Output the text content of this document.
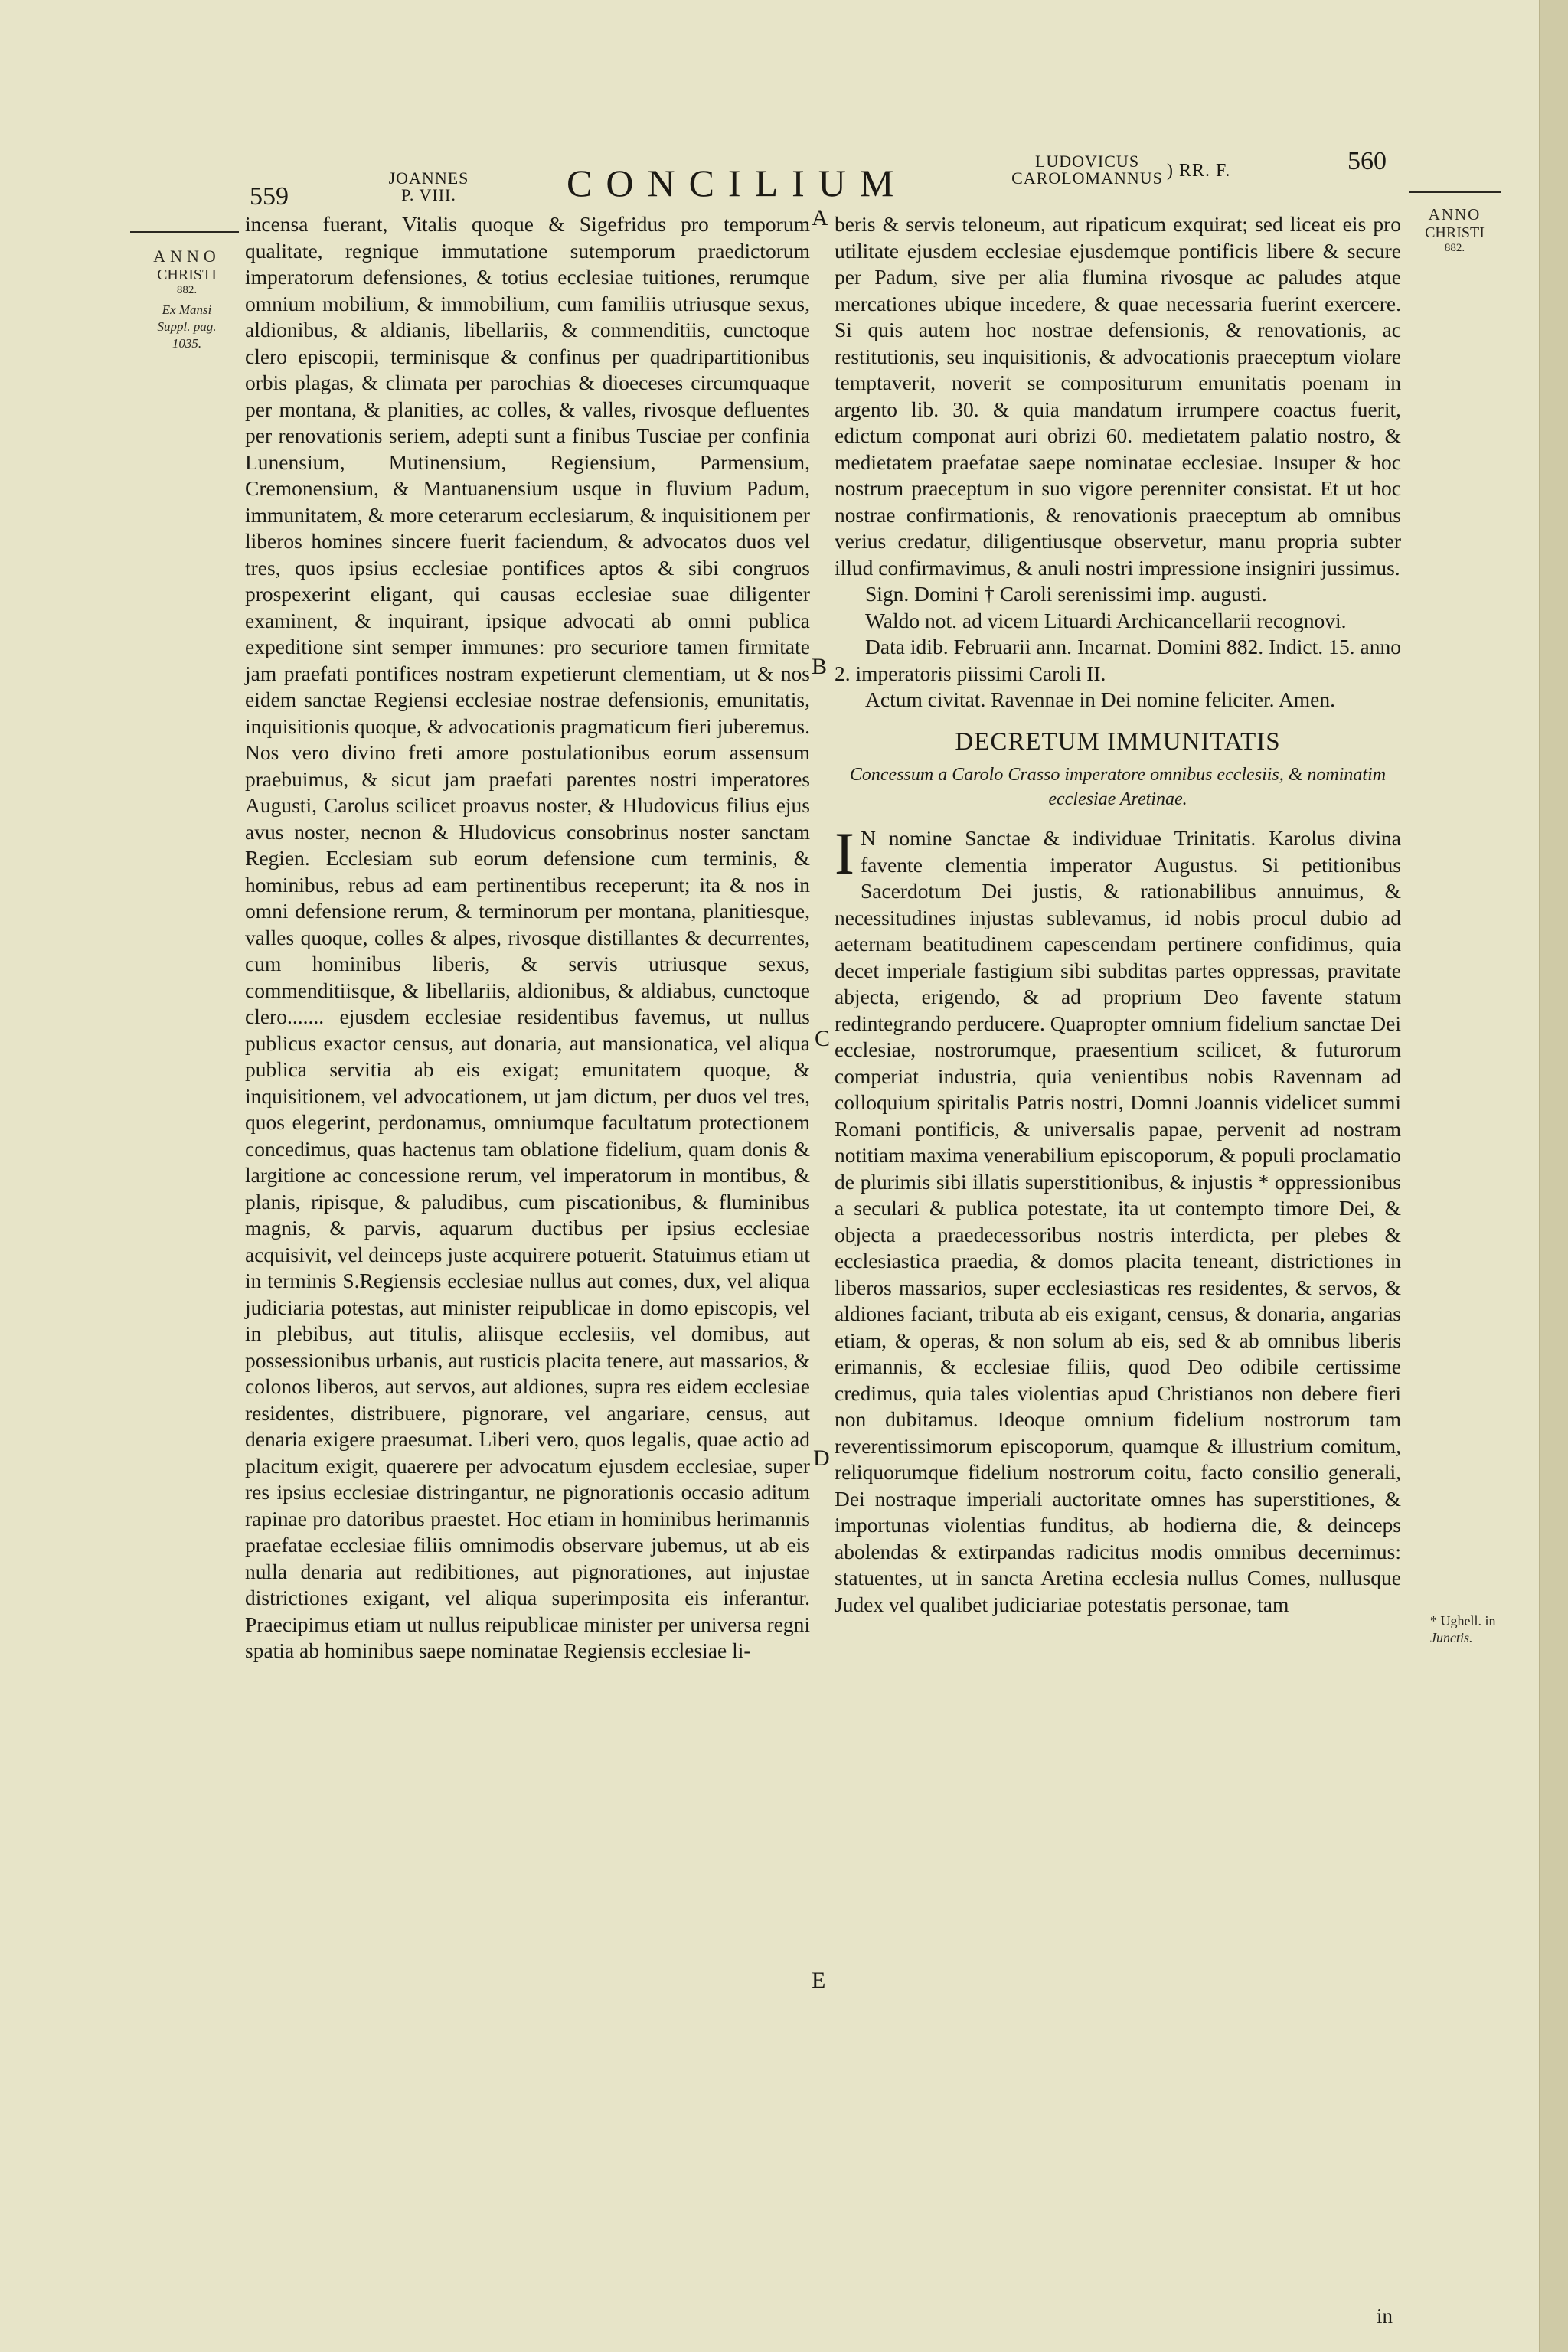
559
JOANNES
P. VIII.	CONCILIUM
LUDOVICUS
CAROLOMANNUS ) RR. F.	560
ANNO
CHRISTI
882.
Ex Mansi
Suppl. pag.
1035.
ANNO
CHRISTI
882.
* Ughell. in
Junctis.
A
B
C
D
E

incensa fuerant, Vitalis quoque & Sigefridus pro temporum qualitate, regnique immutatione sutemporum praedictorum imperatorum defensiones, & totius ecclesiae tuitiones, rerumque omnium mobilium, & immobilium, cum familiis utriusque sexus, aldionibus, & aldianis, libellariis, & commenditiis, cunctoque clero episcopii, terminisque & confinus per quadripartitionibus orbis plagas, & climata per parochias & dioeceses circumquaque per montana, & planities, ac colles, & valles, rivosque defluentes per renovationis seriem, adepti sunt a finibus Tusciae per confinia Lunensium, Mutinensium, Regiensium, Parmensium, Cremonensium, & Mantuanensium usque in fluvium Padum, immunitatem, & more ceterarum ecclesiarum, & inquisitionem per liberos homines sincere fuerit faciendum, & advocatos duos vel tres, quos ipsius ecclesiae pontifices aptos & sibi congruos prospexerint eligant, qui causas ecclesiae suae diligenter examinent, & inquirant, ipsique advocati ab omni publica expeditione sint semper immunes: pro securiore tamen firmitate jam praefati pontifices nostram expetierunt clementiam, ut & nos eidem sanctae Regiensi ecclesiae nostrae defensionis, emunitatis, inquisitionis quoque, & advocationis pragmaticum fieri juberemus. Nos vero divino freti amore postulationibus eorum assensum praebuimus, & sicut jam praefati parentes nostri imperatores Augusti, Carolus scilicet proavus noster, & Hludovicus filius ejus avus noster, necnon & Hludovicus consobrinus noster sanctam Regien. Ecclesiam sub eorum defensione cum terminis, & hominibus, rebus ad eam pertinentibus receperunt; ita & nos in omni defensione rerum, & terminorum per montana, planitiesque, valles quoque, colles & alpes, rivosque distillantes & decurrentes, cum hominibus liberis, & servis utriusque sexus, commenditiisque, & libellariis, aldionibus, & aldiabus, cunctoque clero....... ejusdem ecclesiae residentibus favemus, ut nullus publicus exactor census, aut donaria, aut mansionatica, vel aliqua publica servitia ab eis exigat; emunitatem quoque, & inquisitionem, vel advocationem, ut jam dictum, per duos vel tres, quos elegerint, perdonamus, omniumque facultatum protectionem concedimus, quas hactenus tam oblatione fidelium, quam donis & largitione ac concessione rerum, vel imperatorum in montibus, & planis, ripisque, & paludibus, cum piscationibus, & fluminibus magnis, & parvis, aquarum ductibus per ipsius ecclesiae acquisivit, vel deinceps juste acquirere potuerit. Statuimus etiam ut in terminis S.Regiensis ecclesiae nullus aut comes, dux, vel aliqua judiciaria potestas, aut minister reipublicae in domo episcopis, vel in plebibus, aut titulis, aliisque ecclesiis, vel domibus, aut possessionibus urbanis, aut rusticis placita tenere, aut massarios, & colonos liberos, aut servos, aut aldiones, supra res eidem ecclesiae residentes, distribuere, pignorare, vel angariare, census, aut denaria exigere praesumat. Liberi vero, quos legalis, quae actio ad placitum exigit, quaerere per advocatum ejusdem ecclesiae, super res ipsius ecclesiae distringantur, ne pignorationis occasio aditum rapinae pro datoribus praestet. Hoc etiam in hominibus herimannis praefatae ecclesiae filiis omnimodis observare jubemus, ut ab eis nulla denaria aut redibitiones, aut pignorationes, aut injustae districtiones exigant, vel aliqua superimposita eis inferantur. Praecipimus etiam ut nullus reipublicae minister per universa regni spatia ab hominibus saepe nominatae Regiensis ecclesiae li-

beris & servis teloneum, aut ripaticum exquirat; sed liceat eis pro utilitate ejusdem ecclesiae ejusdemque pontificis libere & secure per Padum, sive per alia flumina rivosque ac paludes atque mercationes ubique incedere, & quae necessaria fuerint exercere. Si quis autem hoc nostrae defensionis, & renovationis, ac restitutionis, seu inquisitionis, & advocationis praeceptum violare temptaverit, noverit se compositurum emunitatis poenam in argento lib. 30. & quia mandatum irrumpere coactus fuerit, edictum componat auri obrizi 60. medietatem palatio nostro, & medietatem praefatae saepe nominatae ecclesiae. Insuper & hoc nostrum praeceptum in suo vigore perenniter consistat. Et ut hoc nostrae confirmationis, & renovationis praeceptum ab omnibus verius credatur, diligentiusque observetur, manu propria subter illud confirmavimus, & anuli nostri impressione insigniri jussimus.

Sign. Domini † Caroli serenissimi imp. augusti.

Waldo not. ad vicem Lituardi Archicancellarii recognovi.

Data idib. Februarii ann. Incarnat. Domini 882. Indict. 15. anno 2. imperatoris piissimi Caroli II.

Actum civitat. Ravennae in Dei nomine feliciter. Amen.

DECRETUM IMMUNITATIS
Concessum a Carolo Crasso imperatore omnibus ecclesiis, & nominatim ecclesiae Aretinae.

I N nomine Sanctae & individuae Trinitatis. Karolus divina favente clementia imperator Augustus. Si petitionibus Sacerdotum Dei justis, & rationabilibus annuimus, & necessitudines injustas sublevamus, id nobis procul dubio ad aeternam beatitudinem capescendam pertinere confidimus, quia decet imperiale fastigium sibi subditas partes oppressas, pravitate abjecta, erigendo, & ad proprium Deo favente statum redintegrando perducere. Quapropter omnium fidelium sanctae Dei ecclesiae, nostrorumque, praesentium scilicet, & futurorum comperiat industria, quia venientibus nobis Ravennam ad colloquium spiritalis Patris nostri, Domni Joannis videlicet summi Romani pontificis, & universalis papae, pervenit ad nostram notitiam maxima venerabilium episcoporum, & populi proclamatio de plurimis sibi illatis superstitionibus, & injustis * oppressionibus a seculari & publica potestate, ita ut contempto timore Dei, & objecta a praedecessoribus nostris interdicta, per plebes & ecclesiastica praedia, & domos placita teneant, districtiones in liberos massarios, super ecclesiasticas res residentes, & servos, & aldiones faciant, tributa ab eis exigant, census, & donaria, angarias etiam, & operas, & non solum ab eis, sed & ab omnibus liberis erimannis, & ecclesiae filiis, quod Deo odibile certissime credimus, quia tales violentias apud Christianos non debere fieri non dubitamus. Ideoque omnium fidelium nostrorum tam reverentissimorum episcoporum, quamque & illustrium comitum, reliquorumque fidelium nostrorum coitu, facto consilio generali, Dei nostraque imperiali auctoritate omnes has superstitiones, & importunas violentias funditus, ab hodierna die, & deinceps abolendas & extirpandas radicitus modis omnibus decernimus: statuentes, ut in sancta Aretina ecclesia nullus Comes, nullusque Judex vel qualibet judiciariae potestatis personae, tam

in
